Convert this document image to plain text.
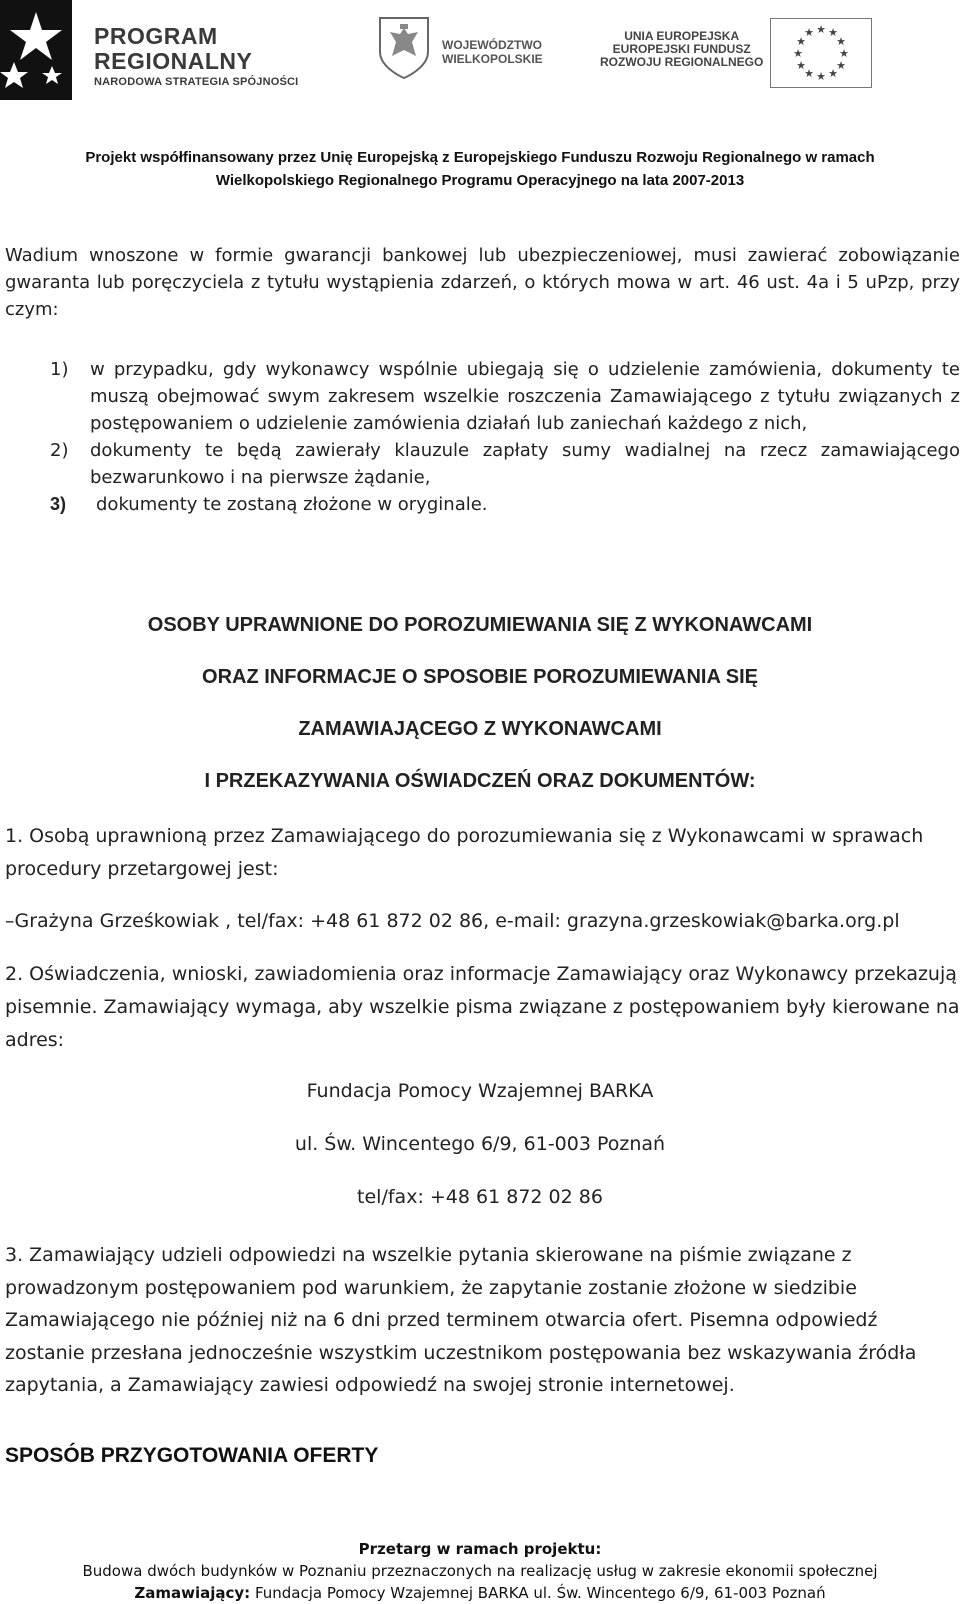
PROGRAM
REGIONALNY
NARODOWA STRATEGIA SPÓJNOŚCI
WOJEWÓDZTWO
WIELKOPOLSKIE
UNIA EUROPEJSKA
EUROPEJSKI FUNDUSZ
ROZWOJU REGIONALNEGO
★ ★
★
★
★
★
★
★
★
★
★
★
Projekt współfinansowany przez Unię Europejską z Europejskiego Funduszu Rozwoju Regionalnego w ramach
Wielkopolskiego Regionalnego Programu Operacyjnego na lata 2007-2013
Wadium wnoszone w formie gwarancji bankowej lub ubezpieczeniowej, musi zawierać zobowiązanie gwaranta lub poręczyciela z tytułu wystąpienia zdarzeń, o których mowa w art. 46 ust. 4a i 5 uPzp, przy czym:
1) w przypadku, gdy wykonawcy wspólnie ubiegają się o udzielenie zamówienia, dokumenty te muszą obejmować swym zakresem wszelkie roszczenia Zamawiającego z tytułu związanych z postępowaniem o udzielenie zamówienia działań lub zaniechań każdego z nich,
2) dokumenty te będą zawierały klauzule zapłaty sumy wadialnej na rzecz zamawiającego bezwarunkowo i na pierwsze żądanie,
3) dokumenty te zostaną złożone w oryginale.
OSOBY UPRAWNIONE DO POROZUMIEWANIA SIĘ Z WYKONAWCAMI
ORAZ INFORMACJE O SPOSOBIE POROZUMIEWANIA SIĘ
ZAMAWIAJĄCEGO Z WYKONAWCAMI
I PRZEKAZYWANIA OŚWIADCZEŃ ORAZ DOKUMENTÓW:
1. Osobą uprawnioną przez Zamawiającego do porozumiewania się z Wykonawcami w sprawach procedury przetargowej jest:
–Grażyna Grześkowiak , tel/fax: +48 61 872 02 86, e-mail: grazyna.grzeskowiak@barka.org.pl
2. Oświadczenia, wnioski, zawiadomienia oraz informacje Zamawiający oraz Wykonawcy przekazują pisemnie. Zamawiający wymaga, aby wszelkie pisma związane z postępowaniem były kierowane na adres:
Fundacja Pomocy Wzajemnej BARKA
ul. Św. Wincentego 6/9, 61-003 Poznań
tel/fax: +48 61 872 02 86
3. Zamawiający udzieli odpowiedzi na wszelkie pytania skierowane na piśmie związane z prowadzonym postępowaniem pod warunkiem, że zapytanie zostanie złożone w siedzibie Zamawiającego nie później niż na 6 dni przed terminem otwarcia ofert. Pisemna odpowiedź zostanie przesłana jednocześnie wszystkim uczestnikom postępowania bez wskazywania źródła zapytania, a Zamawiający zawiesi odpowiedź na swojej stronie internetowej.
SPOSÓB PRZYGOTOWANIA OFERTY
Przetarg w ramach projektu:
Budowa dwóch budynków w Poznaniu przeznaczonych na realizację usług w zakresie ekonomii społecznej
Zamawiający: Fundacja Pomocy Wzajemnej BARKA ul. Św. Wincentego 6/9, 61-003 Poznań
